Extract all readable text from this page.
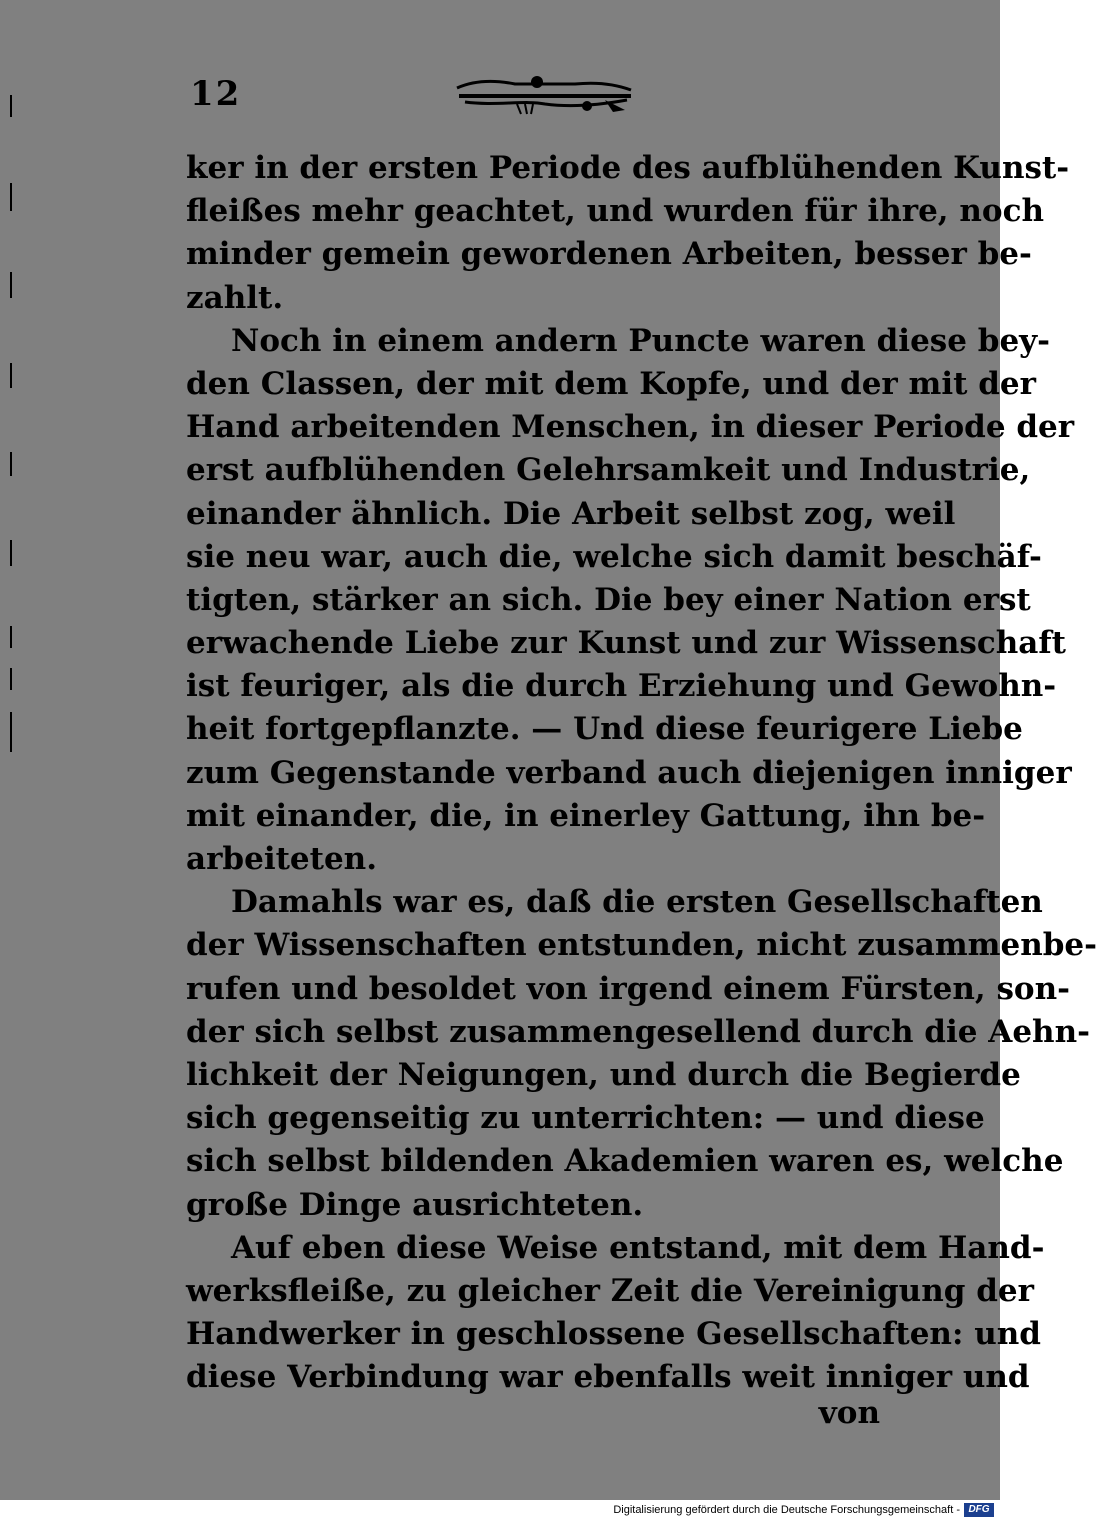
12
ker in der ersten Periode des aufblühenden Kunst-
fleißes mehr geachtet, und wurden für ihre, noch
minder gemein gewordenen Arbeiten, besser be-
zahlt.
Noch in einem andern Puncte waren diese bey-
den Classen, der mit dem Kopfe, und der mit der
Hand arbeitenden Menschen, in dieser Periode der
erst aufblühenden Gelehrsamkeit und Industrie,
einander ähnlich. Die Arbeit selbst zog, weil
sie neu war, auch die, welche sich damit beschäf-
tigten, stärker an sich. Die bey einer Nation erst
erwachende Liebe zur Kunst und zur Wissenschaft
ist feuriger, als die durch Erziehung und Gewohn-
heit fortgepflanzte. — Und diese feurigere Liebe
zum Gegenstande verband auch diejenigen inniger
mit einander, die, in einerley Gattung, ihn be-
arbeiteten.
Damahls war es, daß die ersten Gesellschaften
der Wissenschaften entstunden, nicht zusammenbe-
rufen und besoldet von irgend einem Fürsten, son-
der sich selbst zusammengesellend durch die Aehn-
lichkeit der Neigungen, und durch die Begierde
sich gegenseitig zu unterrichten: — und diese
sich selbst bildenden Akademien waren es, welche
große Dinge ausrichteten.
Auf eben diese Weise entstand, mit dem Hand-
werksfleiße, zu gleicher Zeit die Vereinigung der
Handwerker in geschlossene Gesellschaften: und
diese Verbindung war ebenfalls weit inniger und
von
Digitalisierung gefördert durch die Deutsche Forschungsgemeinschaft - DFG
